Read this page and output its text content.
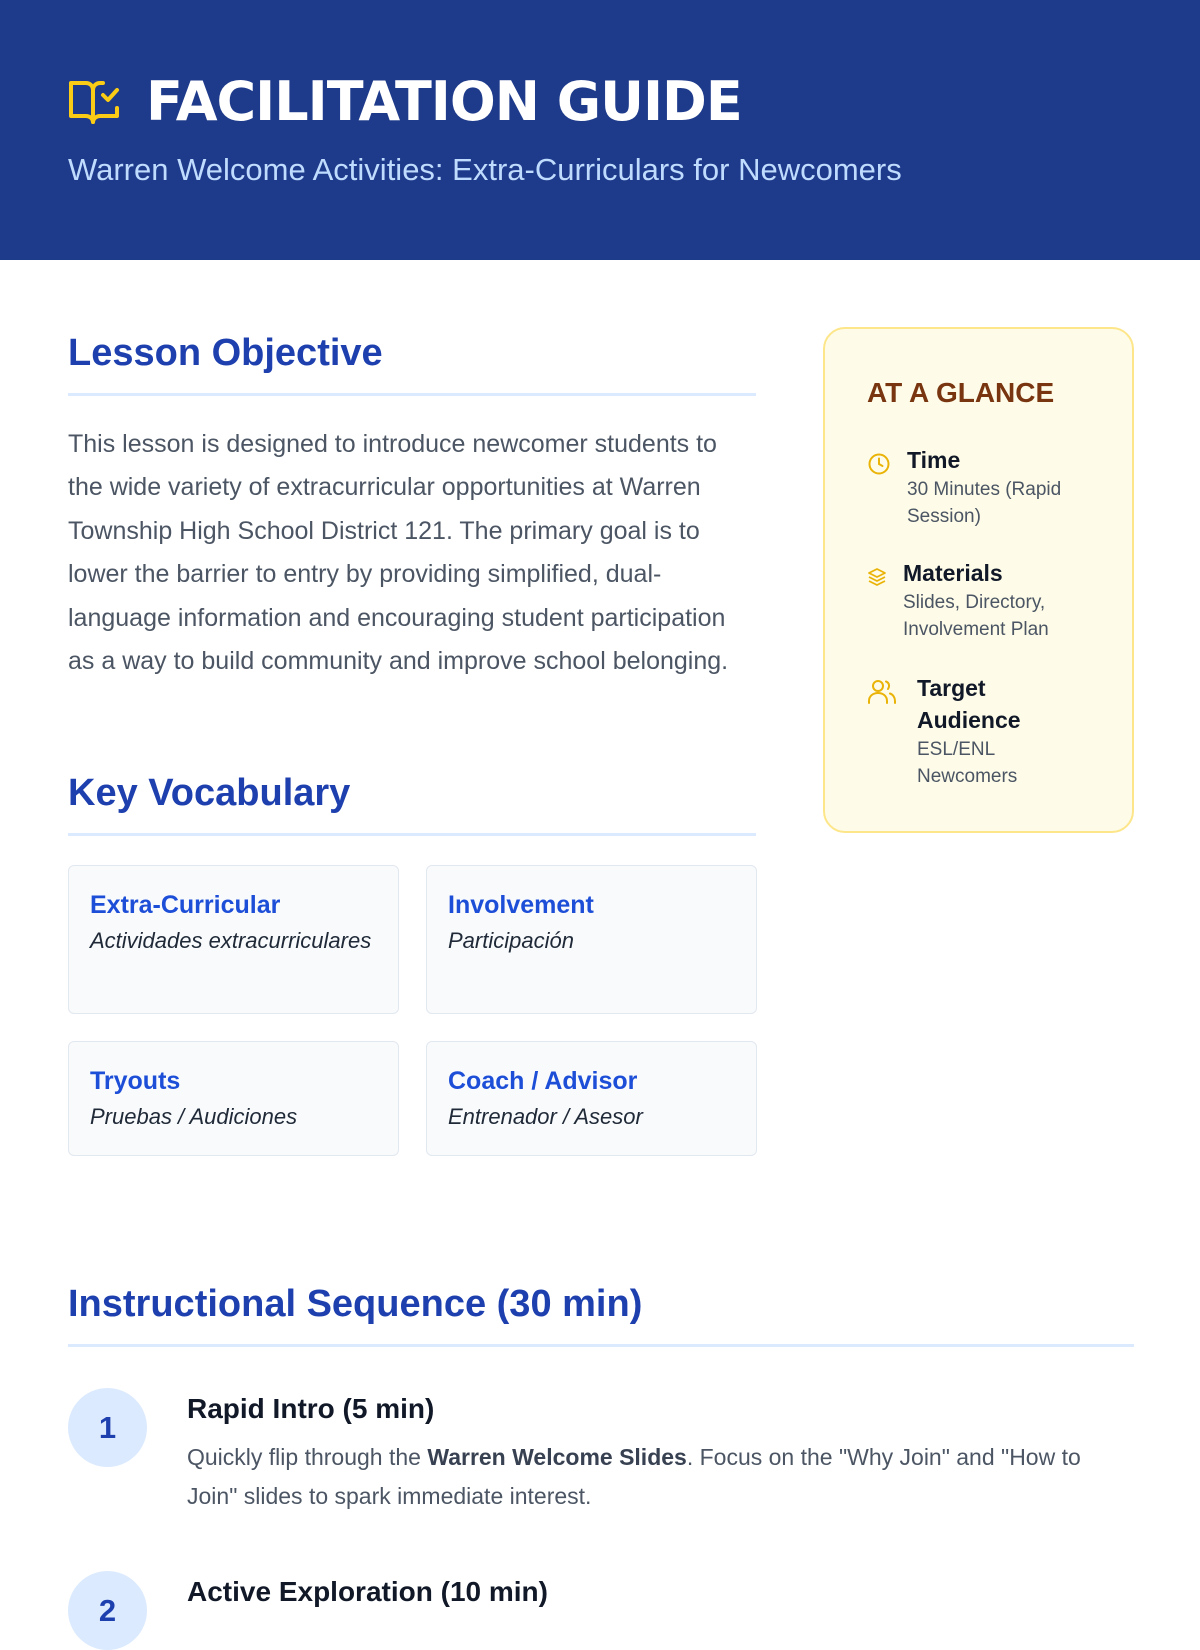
FACILITATION GUIDE
Warren Welcome Activities: Extra-Curriculars for Newcomers
Lesson Objective
This lesson is designed to introduce newcomer students to the wide variety of extracurricular opportunities at Warren Township High School District 121. The primary goal is to lower the barrier to entry by providing simplified, dual-language information and encouraging student participation as a way to build community and improve school belonging.
Key Vocabulary
Extra-Curricular
Actividades extracurriculares
Involvement
Participación
Tryouts
Pruebas / Audiciones
Coach / Advisor
Entrenador / Asesor
AT A GLANCE
Time
30 Minutes (Rapid Session)
Materials
Slides, Directory, Involvement Plan
Target Audience
ESL/ENL Newcomers
Instructional Sequence (30 min)
1
Rapid Intro (5 min)
Quickly flip through the Warren Welcome Slides. Focus on the "Why Join" and "How to Join" slides to spark immediate interest.
2
Active Exploration (10 min)
